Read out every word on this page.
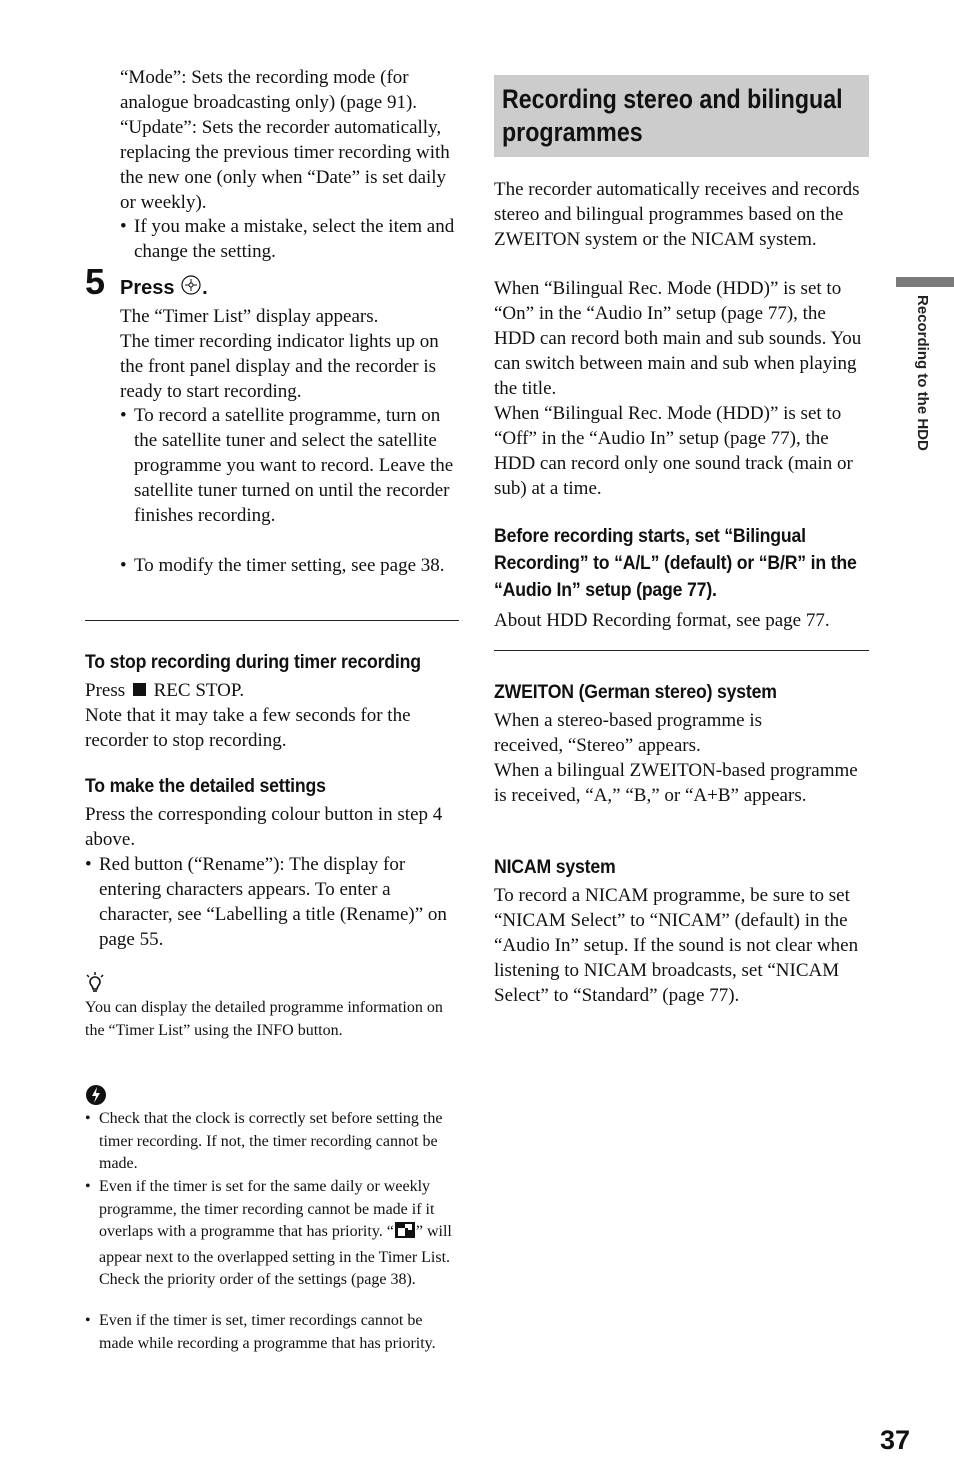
“Mode”: Sets the recording mode (for analogue broadcasting only) (page 91).
“Update”: Sets the recorder automatically, replacing the previous timer recording with the new one (only when “Date” is set daily or weekly).
• If you make a mistake, select the item and change the setting.
5 Press .
The “Timer List” display appears.
The timer recording indicator lights up on the front panel display and the recorder is ready to start recording.
• To record a satellite programme, turn on the satellite tuner and select the satellite programme you want to record. Leave the satellite tuner turned on until the recorder finishes recording.
• To modify the timer setting, see page 38.
To stop recording during timer recording
Press REC STOP.
Note that it may take a few seconds for the recorder to stop recording.
To make the detailed settings
Press the corresponding colour button in step 4 above.
• Red button (“Rename”): The display for entering characters appears. To enter a character, see “Labelling a title (Rename)” on page 55.
You can display the detailed programme information on the “Timer List” using the INFO button.
• Check that the clock is correctly set before setting the timer recording. If not, the timer recording cannot be made.
• Even if the timer is set for the same daily or weekly programme, the timer recording cannot be made if it overlaps with a programme that has priority. “ ” will appear next to the overlapped setting in the Timer List. Check the priority order of the settings (page 38).
• Even if the timer is set, timer recordings cannot be made while recording a programme that has priority.
Recording stereo and bilingual programmes
The recorder automatically receives and records stereo and bilingual programmes based on the ZWEITON system or the NICAM system.
When “Bilingual Rec. Mode (HDD)” is set to “On” in the “Audio In” setup (page 77), the HDD can record both main and sub sounds. You can switch between main and sub when playing the title.
When “Bilingual Rec. Mode (HDD)” is set to “Off” in the “Audio In” setup (page 77), the HDD can record only one sound track (main or sub) at a time.
Before recording starts, set “Bilingual Recording” to “A/L” (default) or “B/R” in the “Audio In” setup (page 77).
About HDD Recording format, see page 77.
ZWEITON (German stereo) system
When a stereo-based programme is received, “Stereo” appears.
When a bilingual ZWEITON-based programme is received, “A,” “B,” or “A+B” appears.
NICAM system
To record a NICAM programme, be sure to set “NICAM Select” to “NICAM” (default) in the “Audio In” setup. If the sound is not clear when listening to NICAM broadcasts, set “NICAM Select” to “Standard” (page 77).
Recording to the HDD
37
